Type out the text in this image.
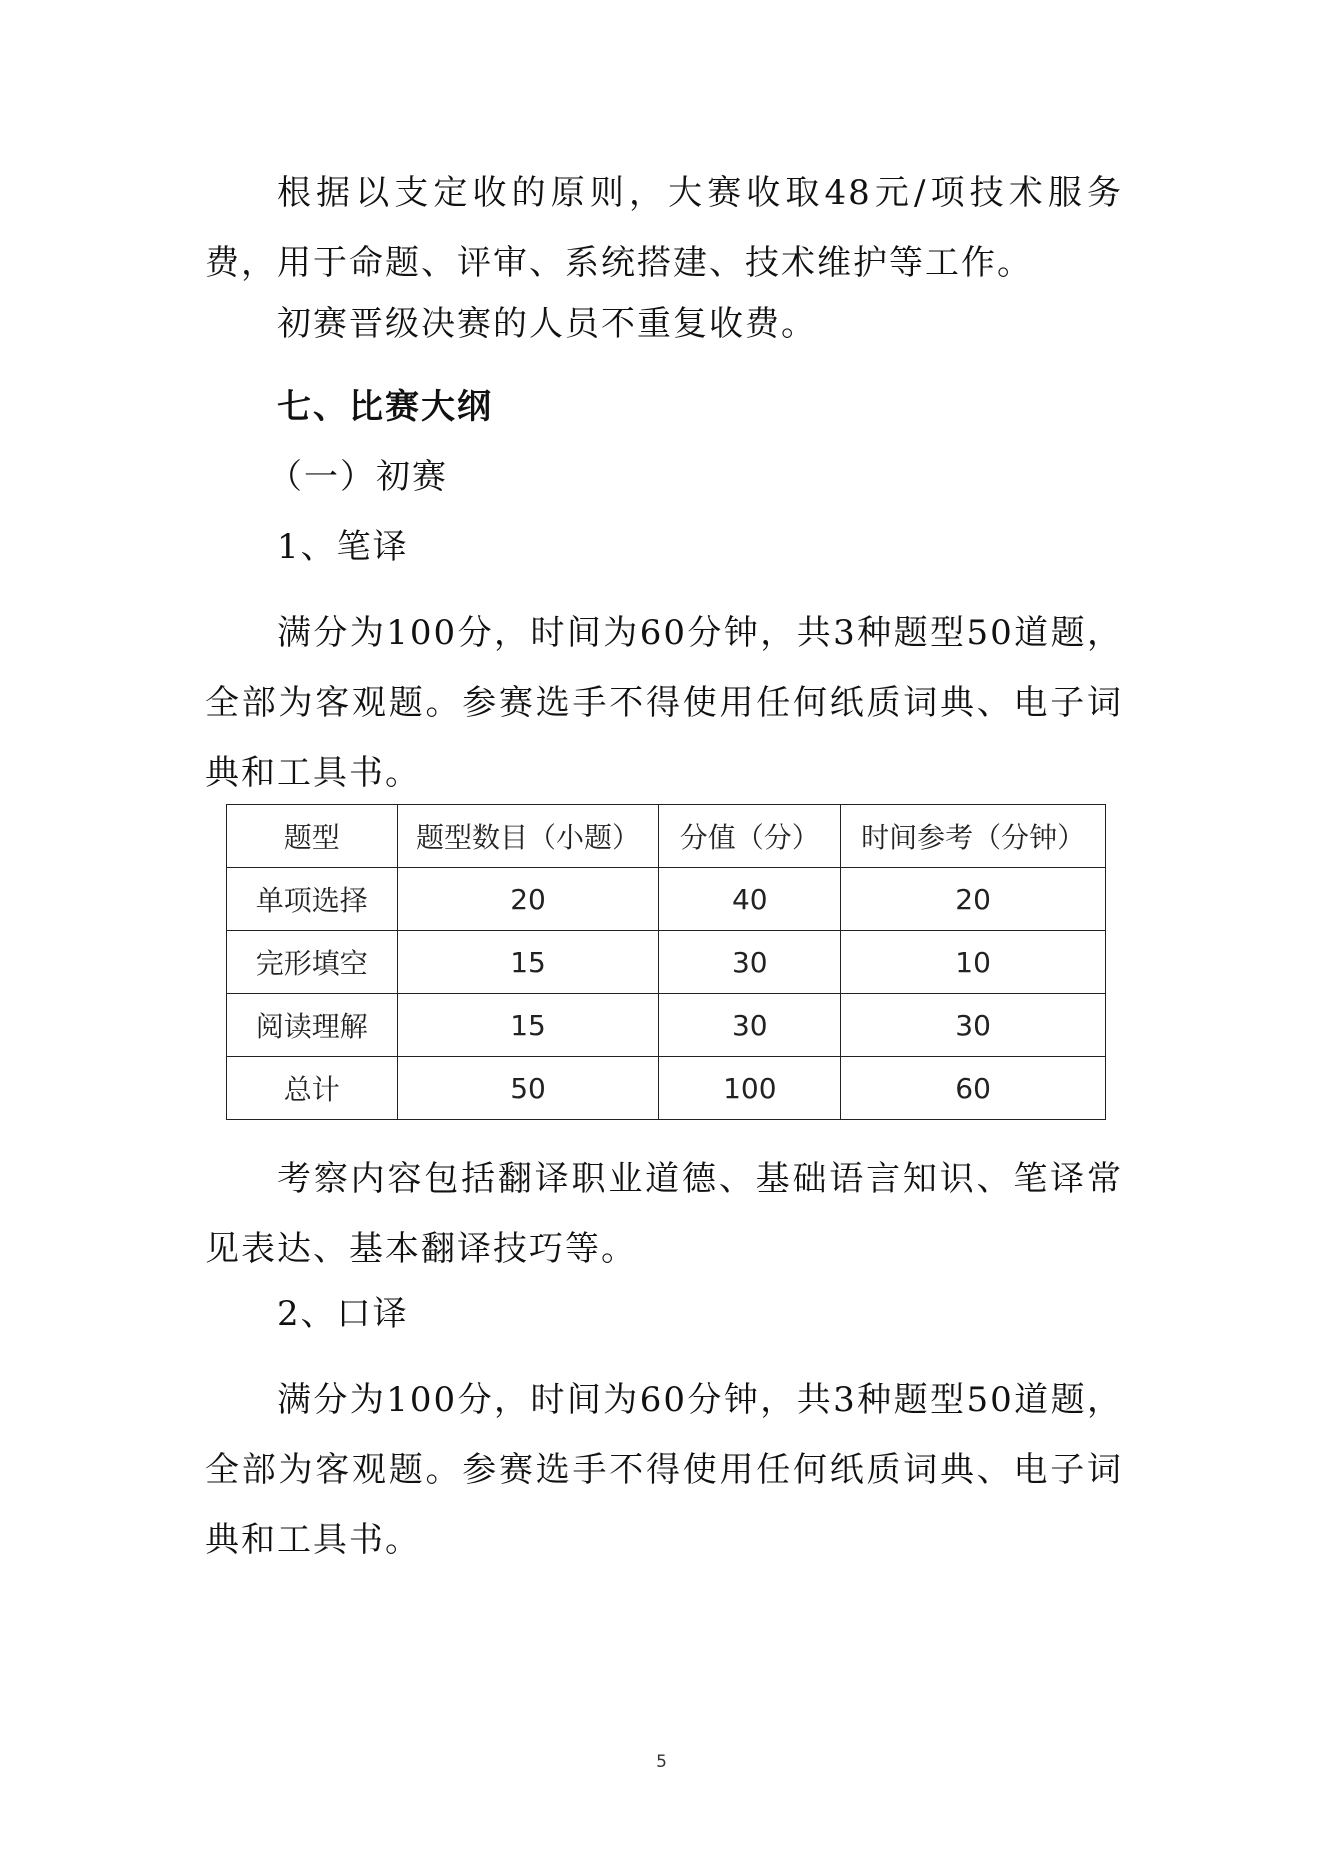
根据以支定收的原则，大赛收取48元/项技术服务费，用于命题、评审、系统搭建、技术维护等工作。

初赛晋级决赛的人员不重复收费。

七、比赛大纲

（一）初赛

1、笔译

满分为100分，时间为60分钟，共3种题型50道题，全部为客观题。参赛选手不得使用任何纸质词典、电子词典和工具书。

题型	题型数目（小题）	分值（分）	时间参考（分钟）
单项选择	20	40	20
完形填空	15	30	10
阅读理解	15	30	30
总计	50	100	60

考察内容包括翻译职业道德、基础语言知识、笔译常见表达、基本翻译技巧等。

2、口译

满分为100分，时间为60分钟，共3种题型50道题，全部为客观题。参赛选手不得使用任何纸质词典、电子词典和工具书。

5
